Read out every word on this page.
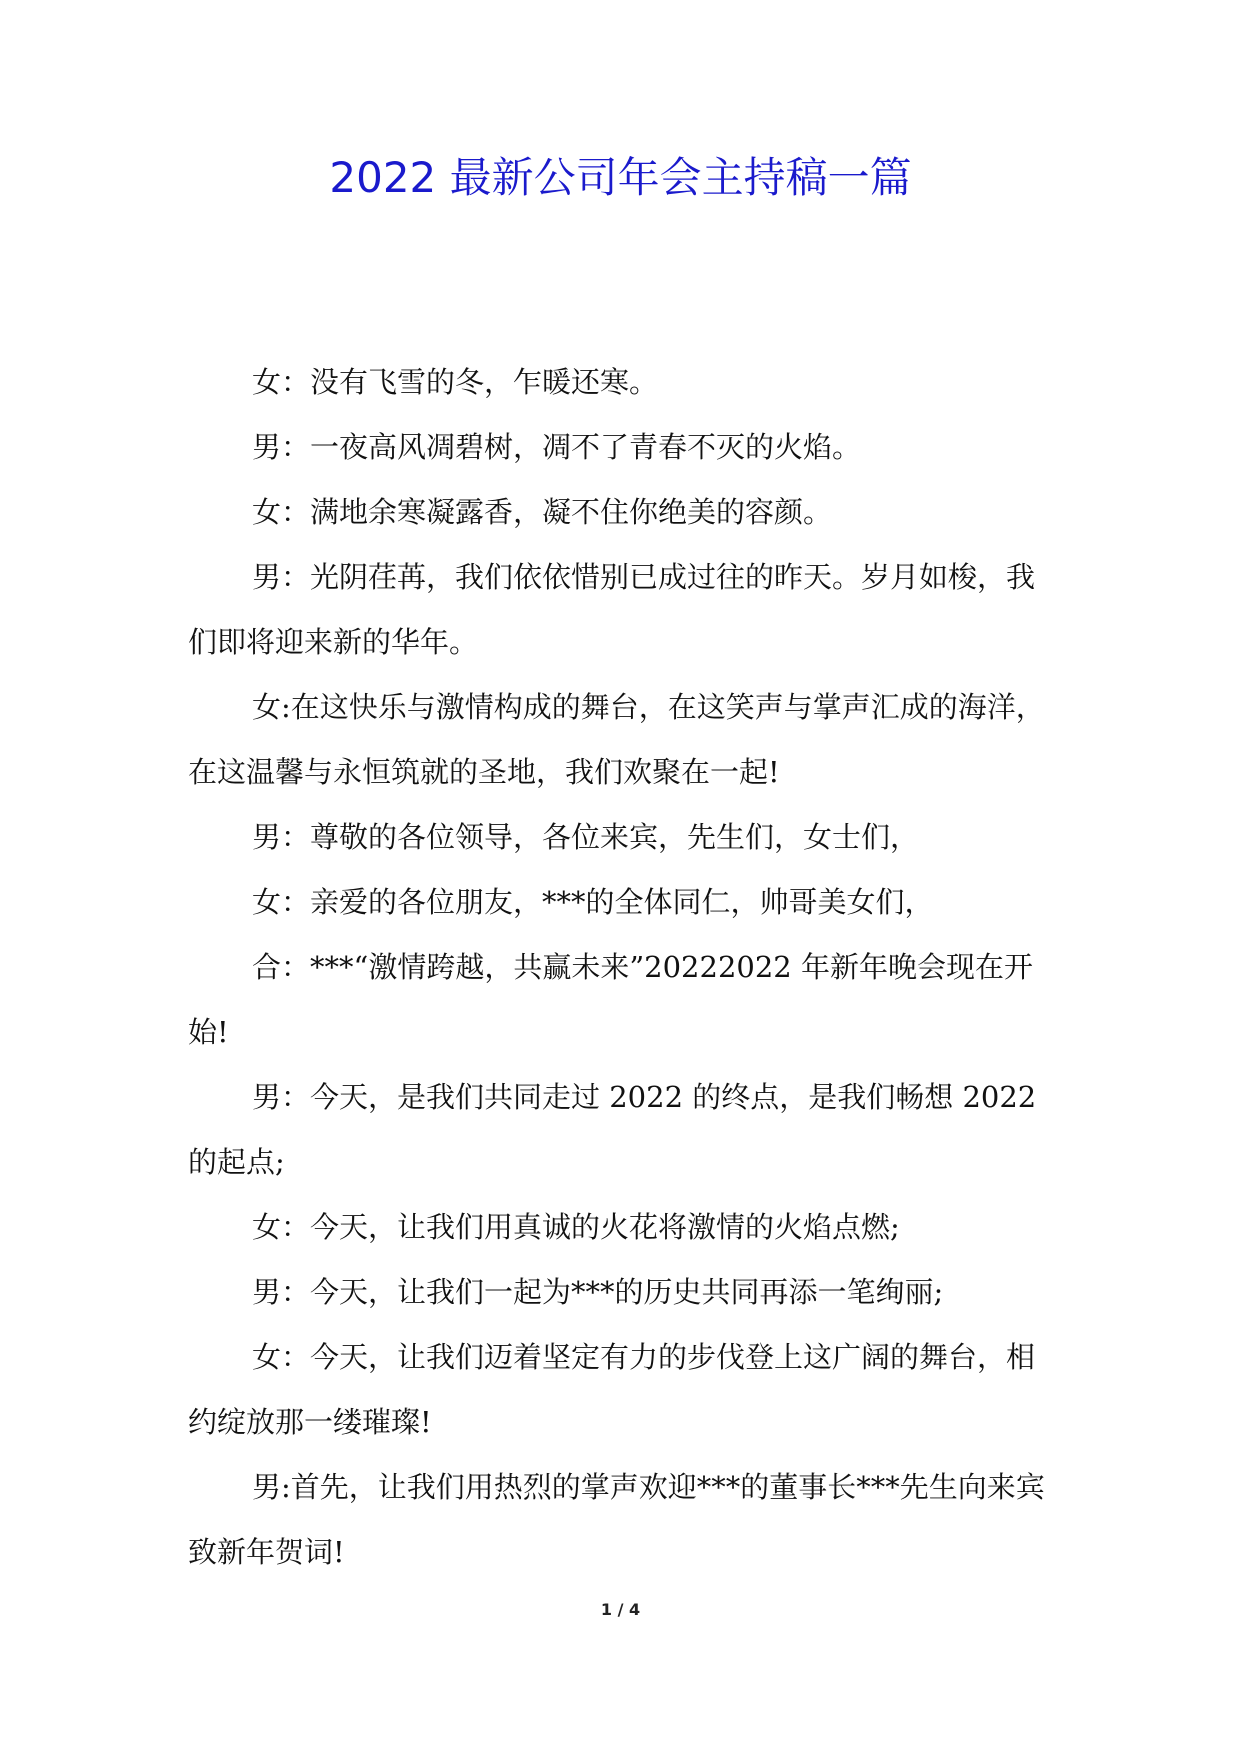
2022 最新公司年会主持稿一篇

女：没有飞雪的冬，乍暖还寒。

男：一夜高风凋碧树，凋不了青春不灭的火焰。

女：满地余寒凝露香，凝不住你绝美的容颜。

男：光阴荏苒，我们依依惜别已成过往的昨天。岁月如梭，我们即将迎来新的华年。

女:在这快乐与激情构成的舞台，在这笑声与掌声汇成的海洋，在这温馨与永恒筑就的圣地，我们欢聚在一起!

男：尊敬的各位领导，各位来宾，先生们，女士们，

女：亲爱的各位朋友，***的全体同仁，帅哥美女们，

合：***“激情跨越，共赢未来”20222022 年新年晚会现在开始!

男：今天，是我们共同走过 2022 的终点，是我们畅想 2022 的起点;

女：今天，让我们用真诚的火花将激情的火焰点燃;

男：今天，让我们一起为***的历史共同再添一笔绚丽;

女：今天，让我们迈着坚定有力的步伐登上这广阔的舞台，相约绽放那一缕璀璨!

男:首先，让我们用热烈的掌声欢迎***的董事长***先生向来宾致新年贺词!

1 / 4
